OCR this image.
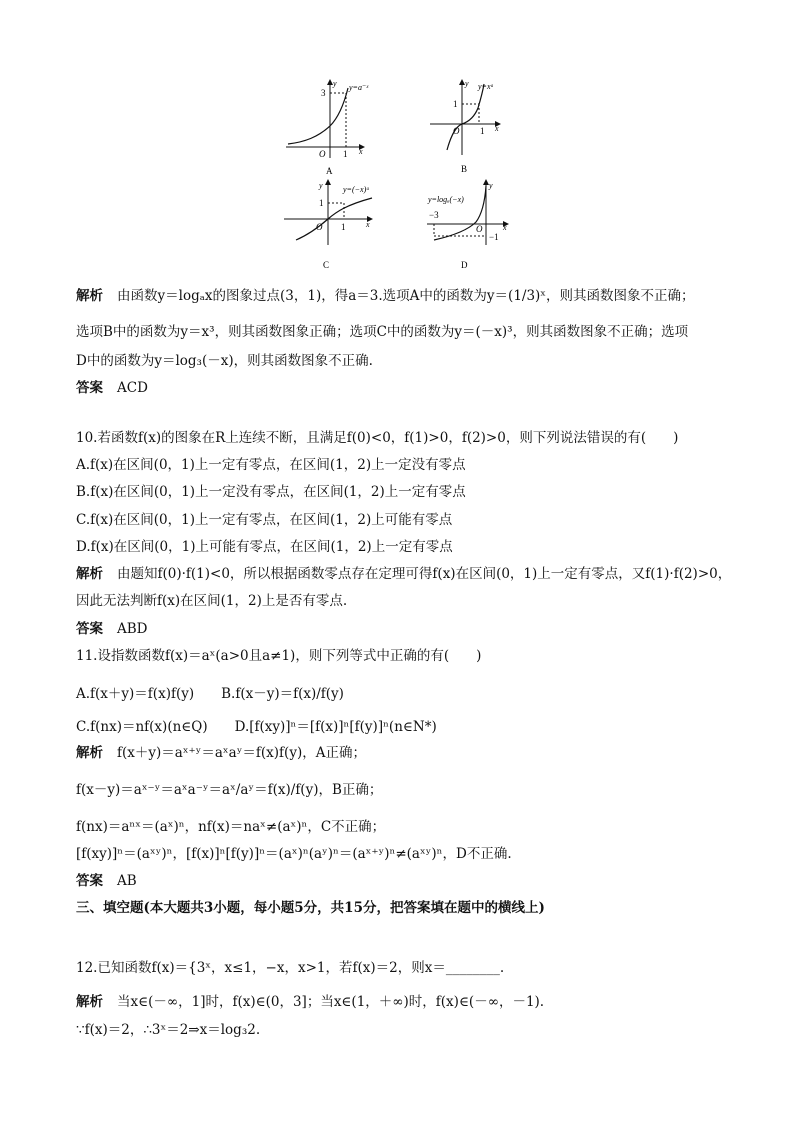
y y=a⁻ˣ
3
O 1 x
A
y y=xᵃ
1
O 1 x
B
y	y=(−x)ᵃ
1
O 1	x
C
y
y=logₐ(−x)
−3
O
−1
x
D
解析 由函数y＝logₐx的图象过点(3，1)，得a＝3.选项A中的函数为y＝(1/3)ˣ，则其函数图象不正确；
选项B中的函数为y＝x³，则其函数图象正确；选项C中的函数为y＝(－x)³，则其函数图象不正确；选项
D中的函数为y＝log₃(－x)，则其函数图象不正确.
答案 ACD
10.若函数f(x)的图象在R上连续不断，且满足f(0)<0，f(1)>0，f(2)>0，则下列说法错误的有(　　)
A.f(x)在区间(0，1)上一定有零点，在区间(1，2)上一定没有零点
B.f(x)在区间(0，1)上一定没有零点，在区间(1，2)上一定有零点
C.f(x)在区间(0，1)上一定有零点，在区间(1，2)上可能有零点
D.f(x)在区间(0，1)上可能有零点，在区间(1，2)上一定有零点
解析 由题知f(0)·f(1)<0，所以根据函数零点存在定理可得f(x)在区间(0，1)上一定有零点，又f(1)·f(2)>0，
因此无法判断f(x)在区间(1，2)上是否有零点.
答案 ABD
11.设指数函数f(x)＝aˣ(a>0且a≠1)，则下列等式中正确的有(　　)
A.f(x＋y)＝f(x)f(y)　　B.f(x－y)＝f(x)/f(y)
C.f(nx)＝nf(x)(n∈Q)　　D.[f(xy)]ⁿ＝[f(x)]ⁿ[f(y)]ⁿ(n∈N*)
解析 f(x＋y)＝aˣ⁺ʸ＝aˣaʸ＝f(x)f(y)，A正确；
f(x－y)＝aˣ⁻ʸ＝aˣa⁻ʸ＝aˣ/aʸ＝f(x)/f(y)，B正确；
f(nx)＝aⁿˣ＝(aˣ)ⁿ，nf(x)＝naˣ≠(aˣ)ⁿ，C不正确；
[f(xy)]ⁿ＝(aˣʸ)ⁿ，[f(x)]ⁿ[f(y)]ⁿ＝(aˣ)ⁿ(aʸ)ⁿ＝(aˣ⁺ʸ)ⁿ≠(aˣʸ)ⁿ，D不正确.
答案 AB
三、填空题(本大题共3小题，每小题5分，共15分，把答案填在题中的横线上)
12.已知函数f(x)＝{3ˣ，x≤1，−x，x>1，若f(x)＝2，则x＝________.
解析 当x∈(－∞，1]时，f(x)∈(0，3]；当x∈(1，＋∞)时，f(x)∈(－∞，－1).
∵f(x)＝2，∴3ˣ＝2⇒x＝log₃2.
